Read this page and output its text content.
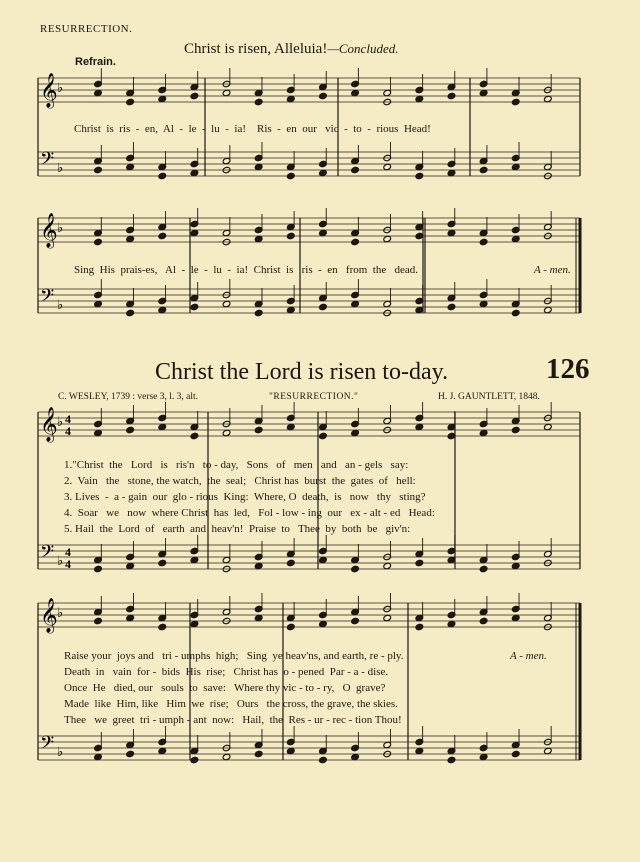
RESURRECTION.
Christ is risen, Alleluia!—Concluded.
Refrain.
Christ the Lord is risen to-day.	126
C. WESLEY, 1739 : verse 3, l. 3, alt.	"RESURRECTION."	H. J. GAUNTLETT, 1848.
Christ  is  ris  -  en,  Al  -  le  -  lu  -  ia!    Ris  -  en  our   vic  -  to  -  rious  Head!
Sing  His  prais-es,   Al  -  le  -  lu  -  ia!  Christ  is   ris  -  en   from  the   dead.	A - men.
1."Christ  the   Lord   is   ris'n   to - day,   Sons   of   men   and   an - gels   say:
2.  Vain   the   stone, the watch,  the  seal;   Christ has  burst  the  gates  of   hell:
3. Lives  -  a - gain  our  glo - rious  King:  Where, O  death,  is   now   thy   sting?
4.  Soar   we   now  where Christ  has  led,   Fol - low - ing  our   ex - alt - ed   Head:
5. Hail  the  Lord  of   earth  and  heav'n!  Praise  to   Thee  by  both  be   giv'n:
Raise your  joys and   tri - umphs  high;   Sing  ye heav'ns, and earth, re - ply.
Death  in   vain  for -  bids  His  rise;   Christ has  o - pened  Par - a - dise.
Once  He   died, our   souls  to  save:   Where thy vic - to - ry,   O  grave?
Made  like  Him, like   Him  we  rise;   Ours   the cross, the grave, the skies.
Thee   we  greet  tri - umph - ant  now:   Hail,  the  Res - ur - rec - tion Thou!
A - men.
𝄞 ♭
𝄢 ♭
𝄞 ♭
𝄢 ♭
𝄞 ♭ 4
4
𝄢 ♭
4
4
𝄞 ♭
𝄢 ♭
